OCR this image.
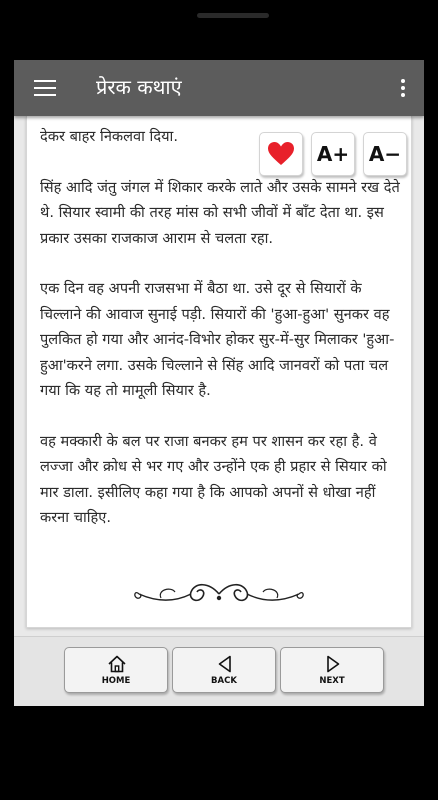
प्रेरक कथाएं

देकर बाहर निकलवा दिया.

सिंह आदि जंतु जंगल में शिकार करके लाते और उसके सामने रख देते थे. सियार स्वामी की तरह मांस को सभी जीवों में बाँट देता था. इस प्रकार उसका राजकाज आराम से चलता रहा.

एक दिन वह अपनी राजसभा में बैठा था. उसे दूर से सियारों के चिल्लाने की आवाज सुनाई पड़ी. सियारों की 'हुआ-हुआ' सुनकर वह पुलकित हो गया और आनंद-विभोर होकर सुर-में-सुर मिलाकर 'हुआ-हुआ'करने लगा. उसके चिल्लाने से सिंह आदि जानवरों को पता चल गया कि यह तो मामूली सियार है.

वह मक्कारी के बल पर राजा बनकर हम पर शासन कर रहा है. वे लज्जा और क्रोध से भर गए और उन्होंने एक ही प्रहार से सियार को मार डाला. इसीलिए कहा गया है कि आपको अपनों से धोखा नहीं करना चाहिए.

A+ A−
HOME	BACK	NEXT
